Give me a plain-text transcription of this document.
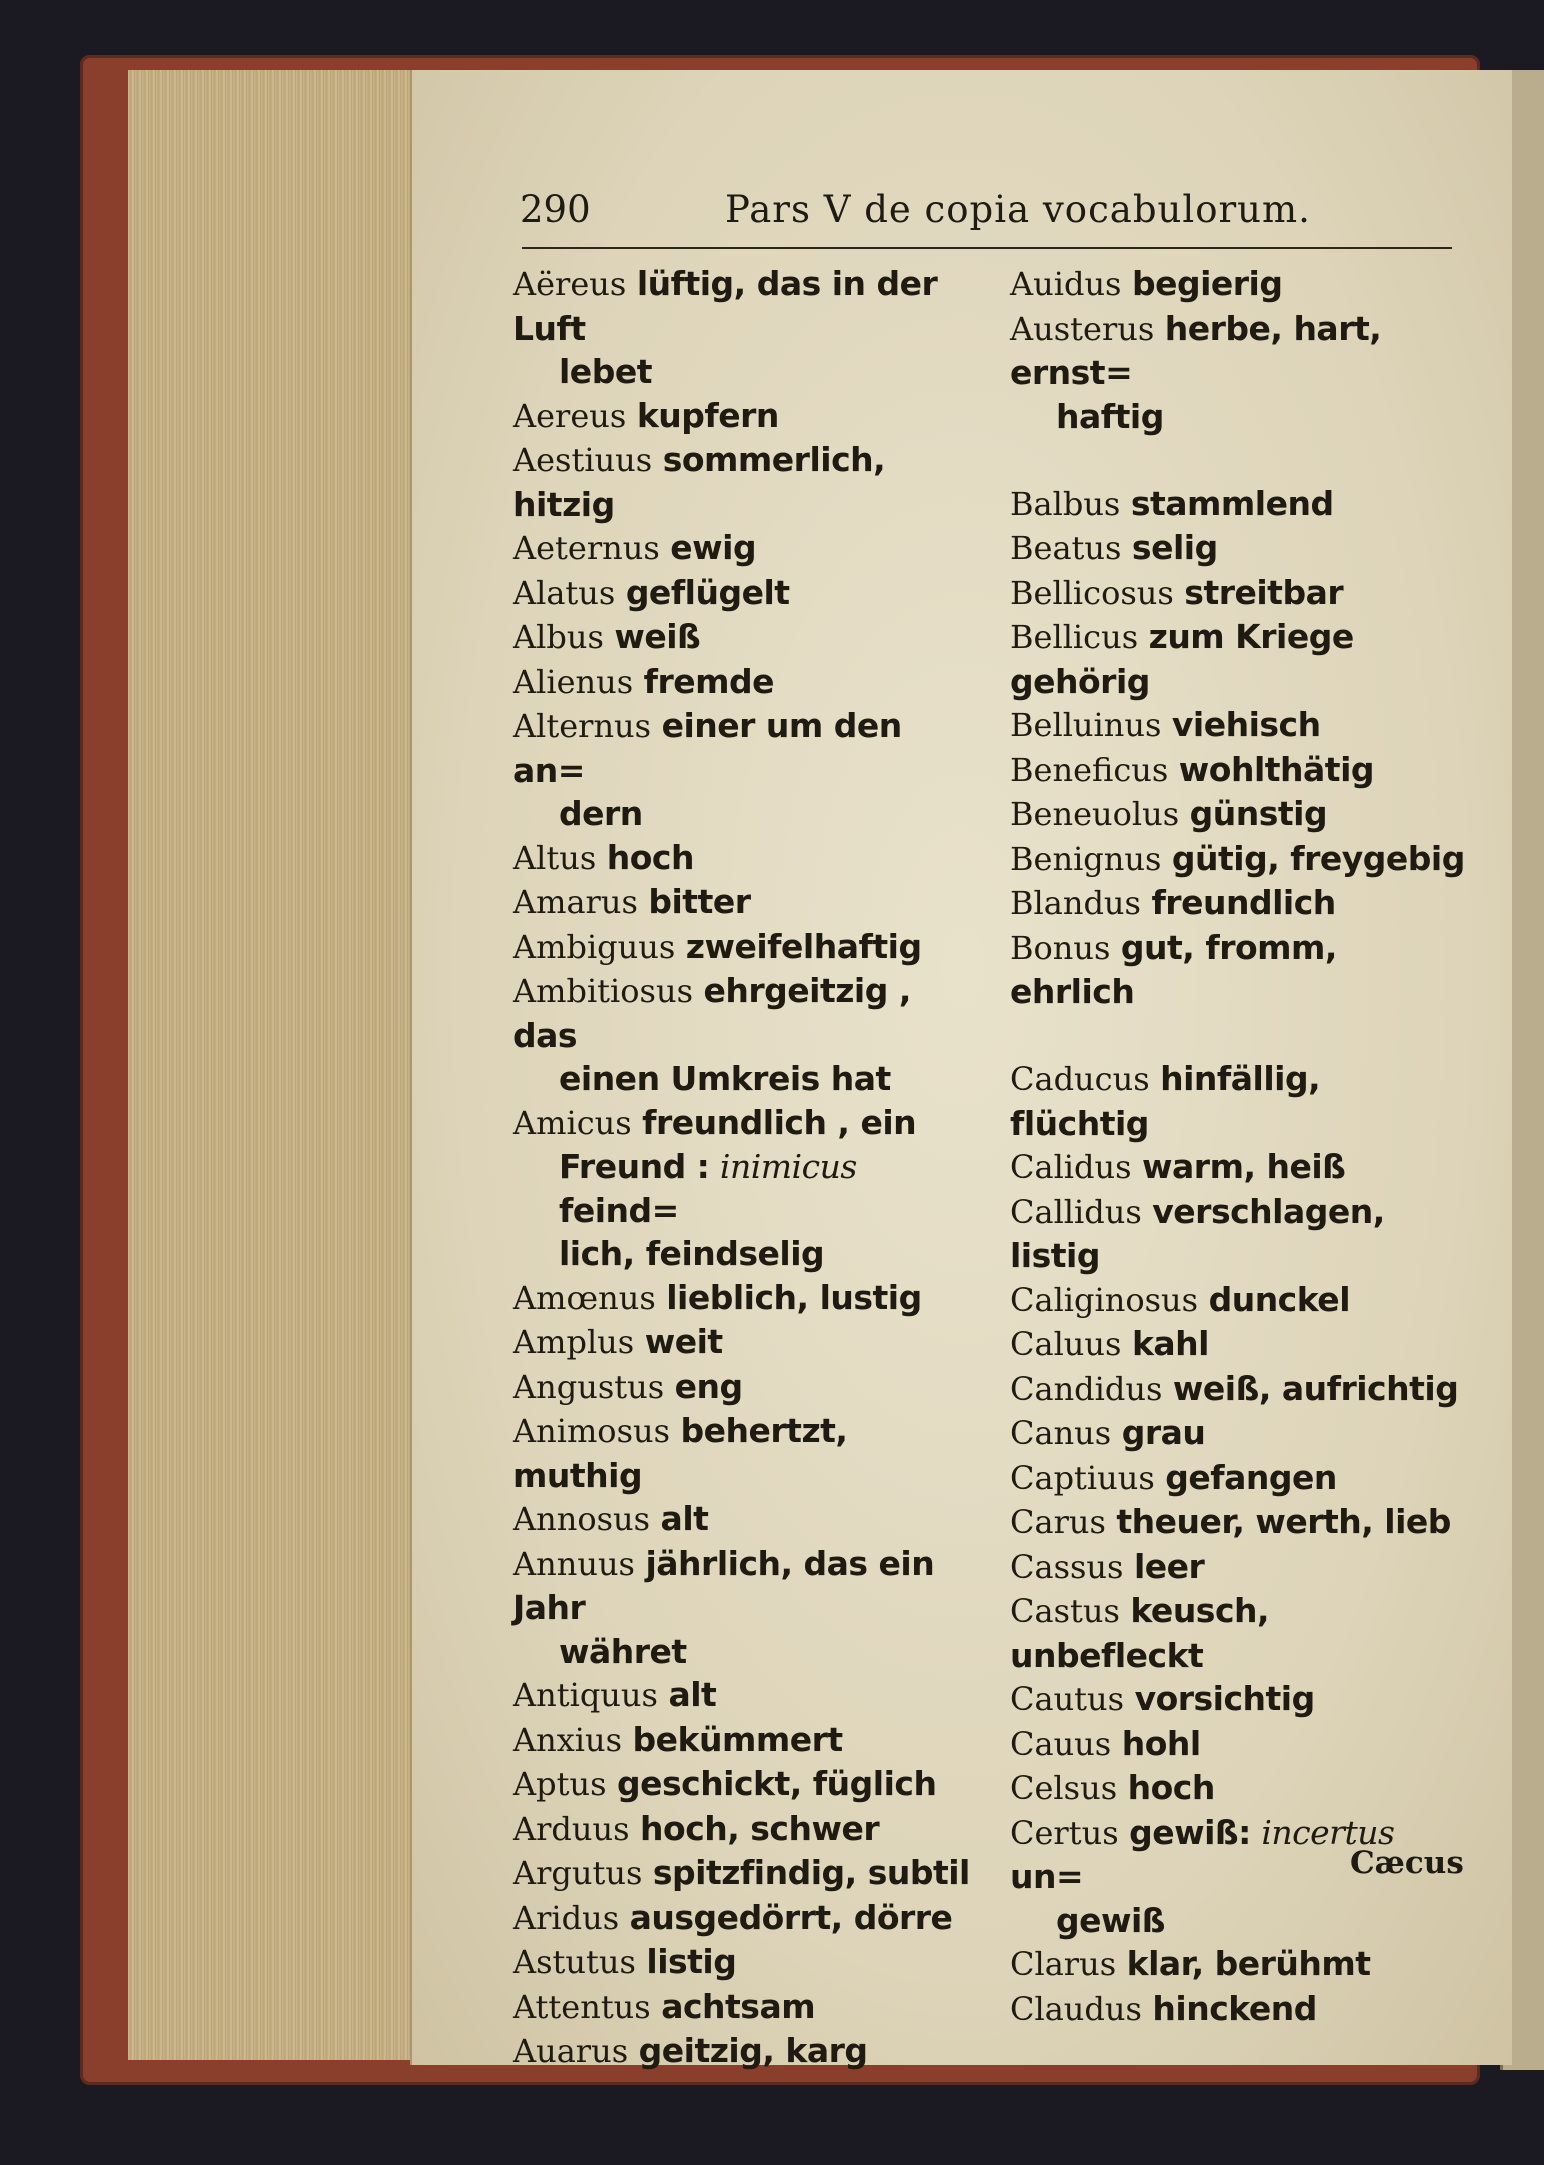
290	Pars V de copia vocabulorum.

Aëreus lüftig, das in der Luft

lebet

Aereus kupfern

Aestiuus sommerlich, hitzig

Aeternus ewig

Alatus geflügelt

Albus weiß

Alienus fremde

Alternus einer um den an=

dern

Altus hoch

Amarus bitter

Ambiguus zweifelhaftig

Ambitiosus ehrgeitzig , das

einen Umkreis hat

Amicus freundlich , ein

Freund : inimicus feind=

lich, feindselig

Amœnus lieblich, lustig

Amplus weit

Angustus eng

Animosus behertzt, muthig

Annosus alt

Annuus jährlich, das ein Jahr

währet

Antiquus alt

Anxius bekümmert

Aptus geschickt, füglich

Arduus hoch, schwer

Argutus spitzfindig, subtil

Aridus ausgedörrt, dörre

Astutus listig

Attentus achtsam

Auarus geitzig, karg

Auidus begierig

Austerus herbe, hart, ernst=

haftig

Balbus stammlend

Beatus selig

Bellicosus streitbar

Bellicus zum Kriege gehörig

Belluinus viehisch

Beneficus wohlthätig

Beneuolus günstig

Benignus gütig, freygebig

Blandus freundlich

Bonus gut, fromm, ehrlich

Caducus hinfällig, flüchtig

Calidus warm, heiß

Callidus verschlagen, listig

Caliginosus dunckel

Caluus kahl

Candidus weiß, aufrichtig

Canus grau

Captiuus gefangen

Carus theuer, werth, lieb

Cassus leer

Castus keusch, unbefleckt

Cautus vorsichtig

Cauus hohl

Celsus hoch

Certus gewiß: incertus un=

gewiß

Clarus klar, berühmt

Claudus hinckend

Cæcus
